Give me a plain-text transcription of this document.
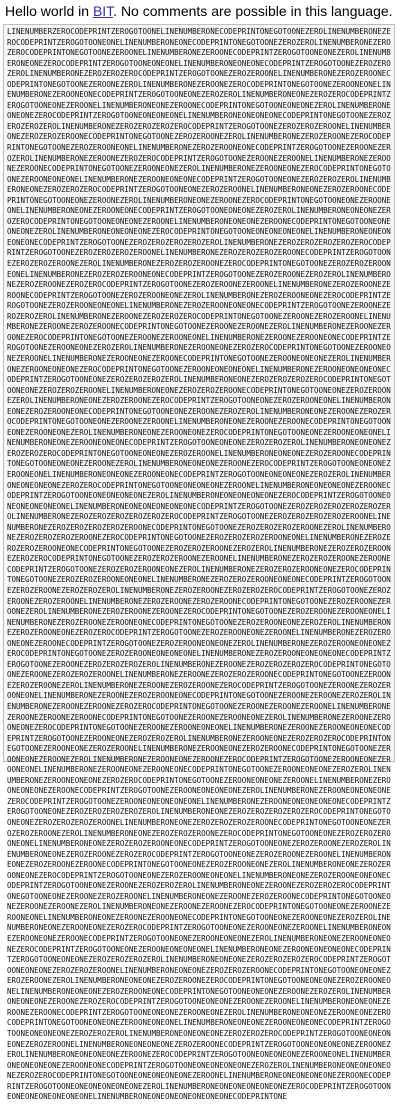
Hello world in BIT. No comments are possible in this language.
LINENUMBERZEROCODEPRINTZEROGOTOONELINENUMBERONECODEPRINTONEGOTOONEZEROLINENUMBERONEZEROCODEPRINTZEROGOTOONEONELINENUMBERONEONECODEPRINTONEGOTOONEZEROZEROLINENUMBERONEZEROZEROCODEPRINTONEGOTOONEZEROONELINENUMBERONEZEROONECODEPRINTZEROGOTOONEONEZEROLINENUMBERONEONEZEROCODEPRINTZEROGOTOONEONEONELINENUMBERONEONEONECODEPRINTZEROGOTOONEZEROZEROZEROLINENUMBERONEZEROZEROZEROCODEPRINTZEROGOTOONEZEROZEROONELINENUMBERONEZEROZEROONECODEPRINTONEGOTOONEZEROONEZEROLINENUMBERONEZEROONEZEROCODEPRINTONEGOTOONEZEROONEONELINENUMBERONEZEROONEONECODEPRINTZEROGOTOONEONEZEROZEROLINENUMBERONEONEZEROZEROCODEPRINTZEROGOTOONEONEZEROONELINENUMBERONEONEZEROONECODEPRINTONEGOTOONEONEONEZEROLINENUMBERONEONEONEZEROCODEPRINTZEROGOTOONEONEONEONELINENUMBERONEONEONEONECODEPRINTONEGOTOONEZEROZEROZEROZEROLINENUMBERONEZEROZEROZEROZEROCODEPRINTZEROGOTOONEZEROZEROZEROONELINENUMBERONEZEROZEROZEROONECODEPRINTONEGOTOONEZEROZEROONEZEROLINENUMBERONEZEROZEROONEZEROCODEPRINTONEGOTOONEZEROZEROONEONELINENUMBERONEZEROZEROONEONECODEPRINTZEROGOTOONEZEROONEZEROZEROLINENUMBERONEZEROONEZEROZEROCODEPRINTZEROGOTOONEZEROONEZEROONELINENUMBERONEZEROONEZEROONECODEPRINTONEGOTOONEZEROONEONEZEROLINENUMBERONEZEROONEONEZEROCODEPRINTONEGOTOONEZEROONEONEONELINENUMBERONEZEROONEONEONECODEPRINTZEROGOTOONEONEZEROZEROZEROLINENUMBERONEONEZEROZEROZEROCODEPRINTZEROGOTOONEONEZEROZEROONELINENUMBERONEONEZEROZEROONECODEPRINTONEGOTOONEONEZEROONEZEROLINENUMBERONEONEZEROONEZEROCODEPRINTONEGOTOONEONEZEROONEONELINENUMBERONEONEZEROONEONECODEPRINTZEROGOTOONEONEONEZEROZEROLINENUMBERONEONEONEZEROZEROCODEPRINTONEGOTOONEONEONEZEROONELINENUMBERONEONEONEZEROONECODEPRINTONEGOTOONEONEONEONEZEROLINENUMBERONEONEONEONEZEROCODEPRINTONEGOTOONEONEONEONEONELINENUMBERONEONEONEONEONECODEPRINTZEROGOTOONEZEROZEROZEROZEROZEROLINENUMBERONEZEROZEROZEROZEROZEROCODEPRINTZEROGOTOONEZEROZEROZEROZEROONELINENUMBERONEZEROZEROZEROZEROONECODEPRINTZEROGOTOONEZEROZEROZEROONEZEROLINENUMBERONEZEROZEROZEROONEZEROCODEPRINTONEGOTOONEZEROZEROZEROONEONELINENUMBERONEZEROZEROZEROONEONECODEPRINTZEROGOTOONEZEROZEROONEZEROZEROLINENUMBERONEZEROZEROONEZEROZEROCODEPRINTZEROGOTOONEZEROZEROONEZEROONELINENUMBERONEZEROZEROONEZEROONECODEPRINTZEROGOTOONEZEROZEROONEONEZEROLINENUMBERONEZEROZEROONEONEZEROCODEPRINTZEROGOTOONEZEROZEROONEONEONELINENUMBERONEZEROZEROONEONEONECODEPRINTZEROGOTOONEZEROONEZEROZEROZEROLINENUMBERONEZEROONEZEROZEROZEROCODEPRINTONEGOTOONEZEROONEZEROZEROONELINENUMBERONEZEROONEZEROZEROONECODEPRINTONEGOTOONEZEROONEZEROONEZEROLINENUMBERONEZEROONEZEROONEZEROCODEPRINTONEGOTOONEZEROONEZEROONEONELINENUMBERONEZEROONEZEROONEONECODEPRINTZEROGOTOONEZEROONEONEZEROZEROLINENUMBERONEZEROONEONEZEROZEROCODEPRINTONEGOTOONEZEROONEONEZEROONELINENUMBERONEZEROONEONEZEROONECODEPRINTONEGOTOONEZEROONEONEONEZEROLINENUMBERONEZEROONEONEONEZEROCODEPRINTONEGOTOONEZEROONEONEONEONELINENUMBERONEZEROONEONEONEONECODEPRINTZEROGOTOONEONEZEROZEROZEROZEROLINENUMBERONEONEZEROZEROZEROZEROCODEPRINTONEGOTOONEONEZEROZEROZEROONELINENUMBERONEONEZEROZEROZEROONECODEPRINTONEGOTOONEONEZEROZEROONEZEROLINENUMBERONEONEZEROZEROONEZEROCODEPRINTZEROGOTOONEONEZEROZEROONEONELINENUMBERONEONEZEROZEROONEONECODEPRINTONEGOTOONEONEZEROONEZEROZEROLINENUMBERONEONEZEROONEZEROZEROCODEPRINTONEGOTOONEONEZEROONEZEROONELINENUMBERONEONEZEROONEZEROONECODEPRINTONEGOTOONEONEZEROONEONEZEROLINENUMBERONEONEZEROONEONEZEROCODEPRINTONEGOTOONEONEZEROONEONEONELINENUMBERONEONEZEROONEONEONECODEPRINTZEROGOTOONEONEONEZEROZEROZEROLINENUMBERONEONEONEZEROZEROZEROCODEPRINTONEGOTOONEONEONEZEROZEROONELINENUMBERONEONEONEZEROZEROONECODEPRINTONEGOTOONEONEONEZEROONEZEROLINENUMBERONEONEONEZEROONEZEROCODEPRINTZEROGOTOONEONEONEZEROONEONELINENUMBERONEONEONEZEROONEONECODEPRINTZEROGOTOONEONEONEONEZEROZEROLINENUMBERONEONEONEONEZEROZEROCODEPRINTONEGOTOONEONEONEONEZEROONELINENUMBERONEONEONEONEZEROONECODEPRINTZEROGOTOONEONEONEONEONEZEROLINENUMBERONEONEONEONEONEZEROCODEPRINTZEROGOTOONEONEONEONEONEONELINENUMBERONEONEONEONEONEONECODEPRINTZEROGOTOONEZEROZEROZEROZEROZEROZEROLINENUMBERONEZEROZEROZEROZEROZEROZEROCODEPRINTZEROGOTOONEZEROZEROZEROZEROZEROONELINENUMBERONEZEROZEROZEROZEROZEROONECODEPRINTONEGOTOONEZEROZEROZEROZEROONEZEROLINENUMBERONEZEROZEROZEROZEROONEZEROCODEPRINTONEGOTOONEZEROZEROZEROZEROONEONELINENUMBERONEZEROZEROZEROZEROONEONECODEPRINTONEGOTOONEZEROZEROZEROONEZEROZEROLINENUMBERONEZEROZEROZEROONEZEROZEROCODEPRINTONEGOTOONEZEROZEROZEROONEZEROONELINENUMBERONEZEROZEROZEROONEZEROONECODEPRINTZEROGOTOONEZEROZEROZEROONEONEZEROLINENUMBERONEZEROZEROZEROONEONEZEROCODEPRINTONEGOTOONEZEROZEROZEROONEONEONELINENUMBERONEZEROZEROZEROONEONEONECODEPRINTZEROGOTOONEZEROZEROONEZEROZEROZEROLINENUMBERONEZEROZEROONEZEROZEROZEROCODEPRINTZEROGOTOONEZEROZEROONEZEROZEROONELINENUMBERONEZEROZEROONEZEROZEROONECODEPRINTONEGOTOONEZEROZEROONEZEROONEZEROLINENUMBERONEZEROZEROONEZEROONEZEROCODEPRINTONEGOTOONEZEROZEROONEZEROONEONELINENUMBERONEZEROZEROONEZEROONEONECODEPRINTONEGOTOONEZEROZEROONEONEZEROZEROLINENUMBERONEZEROZEROONEONEZEROZEROCODEPRINTZEROGOTOONEZEROZEROONEONEZEROONELINENUMBERONEZEROZEROONEONEZEROONECODEPRINTZEROGOTOONEZEROZEROONEONEONEZEROLINENUMBERONEZEROZEROONEONEONEZEROCODEPRINTONEGOTOONEZEROZEROONEONEONEONELINENUMBERONEZEROZEROONEONEONEONECODEPRINTZEROGOTOONEZEROONEZEROZEROZEROZEROLINENUMBERONEZEROONEZEROZEROZEROZEROCODEPRINTONEGOTOONEZEROONEZEROZEROZEROONELINENUMBERONEZEROONEZEROZEROZEROONECODEPRINTONEGOTOONEZEROONEZEROZEROONEZEROLINENUMBERONEZEROONEZEROZEROONEZEROCODEPRINTZEROGOTOONEZEROONEZEROZEROONEONELINENUMBERONEZEROONEZEROZEROONEONECODEPRINTONEGOTOONEZEROONEZEROONEZEROZEROLINENUMBERONEZEROONEZEROONEZEROZEROCODEPRINTONEGOTOONEZEROONEZEROONEZEROONELINENUMBERONEZEROONEZEROONEZEROONECODEPRINTONEGOTOONEZEROONEZEROONEONEZEROLINENUMBERONEZEROONEZEROONEONEZEROCODEPRINTONEGOTOONEZEROONEZEROONEONEONELINENUMBERONEZEROONEZEROONEONEONECODEPRINTZEROGOTOONEZEROONEONEZEROZEROZEROLINENUMBERONEZEROONEONEZEROZEROZEROCODEPRINTONEGOTOONEZEROONEONEZEROZEROONELINENUMBERONEZEROONEONEZEROZEROONECODEPRINTONEGOTOONEZEROONEONEZEROONEZEROLINENUMBERONEZEROONEONEZEROONEZEROCODEPRINTZEROGOTOONEZEROONEONEZEROONEONELINENUMBERONEZEROONEONEZEROONEONECODEPRINTONEGOTOONEZEROONEONEONEZEROZEROLINENUMBERONEZEROONEONEONEZEROZEROCODEPRINTONEGOTOONEZEROONEONEONEZEROONELINENUMBERONEZEROONEONEONEZEROONECODEPRINTZEROGOTOONEZEROONEONEONEONEZEROLINENUMBERONEZEROONEONEONEONEZEROCODEPRINTZEROGOTOONEZEROONEONEONEONEONELINENUMBERONEZEROONEONEONEONEONECODEPRINTZEROGOTOONEONEZEROZEROZEROZEROZEROLINENUMBERONEONEZEROZEROZEROZEROZEROCODEPRINTONEGOTOONEONEZEROZEROZEROZEROONELINENUMBERONEONEZEROZEROZEROZEROONECODEPRINTONEGOTOONEONEZEROZEROZEROONEZEROLINENUMBERONEONEZEROZEROZEROONEZEROCODEPRINTONEGOTOONEONEZEROZEROZEROONEONELINENUMBERONEONEZEROZEROZEROONEONECODEPRINTZEROGOTOONEONEZEROZEROONEZEROZEROLINENUMBERONEONEZEROZEROONEZEROZEROCODEPRINTZEROGOTOONEONEZEROZEROONEZEROONELINENUMBERONEONEZEROZEROONEZEROONECODEPRINTONEGOTOONEONEZEROZEROONEONEZEROLINENUMBERONEONEZEROZEROONEONEZEROCODEPRINTZEROGOTOONEONEZEROZEROONEONEONELINENUMBERONEONEZEROZEROONEONEONECODEPRINTZEROGOTOONEONEZEROONEZEROZEROZEROLINENUMBERONEONEZEROONEZEROZEROZEROCODEPRINTONEGOTOONEONEZEROONEZEROZEROONELINENUMBERONEONEZEROONEZEROZEROONECODEPRINTONEGOTOONEONEZEROONEZEROONEZEROLINENUMBERONEONEZEROONEZEROONEZEROCODEPRINTONEGOTOONEONEZEROONEZEROONEONELINENUMBERONEONEZEROONEZEROONEONECODEPRINTONEGOTOONEONEZEROONEONEZEROZEROLINENUMBERONEONEZEROONEONEZEROZEROCODEPRINTZEROGOTOONEONEZEROONEONEZEROONELINENUMBERONEONEZEROONEONEZEROONECODEPRINTZEROGOTOONEONEZEROONEONEONEZEROLINENUMBERONEONEZEROONEONEONEZEROCODEPRINTZEROGOTOONEONEZEROONEONEONEONELINENUMBERONEONEZEROONEONEONEONECODEPRINTZEROGOTOONEONEONEZEROZEROZEROZEROLINENUMBERONEONEONEZEROZEROZEROZEROCODEPRINTZEROGOTOONEONEONEZEROZEROZEROONELINENUMBERONEONEONEZEROZEROZEROONECODEPRINTONEGOTOONEONEONEZEROZEROONEZEROLINENUMBERONEONEONEZEROZEROONEZEROCODEPRINTONEGOTOONEONEONEZEROZEROONEONELINENUMBERONEONEONEZEROZEROONEONECODEPRINTONEGOTOONEONEONEZEROONEZEROZEROLINENUMBERONEONEONEZEROONEZEROZEROCODEPRINTZEROGOTOONEONEONEZEROONEZEROONELINENUMBERONEONEONEZEROONEZEROONECODEPRINTZEROGOTOONEONEONEZEROONEONEZEROLINENUMBERONEONEONEZEROONEONEZEROCODEPRINTONEGOTOONEONEONEZEROONEONEONELINENUMBERONEONEONEZEROONEONEONECODEPRINTZEROGOTOONEONEONEONEZEROZEROZEROLINENUMBERONEONEONEONEZEROZEROZEROCODEPRINTZEROGOTOONEONEONEONEZEROZEROONELINENUMBERONEONEONEONEZEROZEROONECODEPRINTZEROGOTOONEONEONEONEZEROONEZEROLINENUMBERONEONEONEONEZEROONEZEROCODEPRINTZEROGOTOONEONEONEONEZEROONEONELINENUMBERONEONEONEONEZEROONEONECODEPRINTZEROGOTOONEONEONEONEONEZEROZEROLINENUMBERONEONEONEONEONEZEROZEROCODEPRINTONEGOTOONEONEONEONEONEZEROONELINENUMBERONEONEONEONEONEZEROONECODEPRINTZEROGOTOONEONEONEONEONEONEZEROLINENUMBERONEONEONEONEONEONEZEROCODEPRINTZEROGOTOONEONEONEONEONEONEONELINENUMBERONEONEONEONEONEONEONECODEPRINTONE
